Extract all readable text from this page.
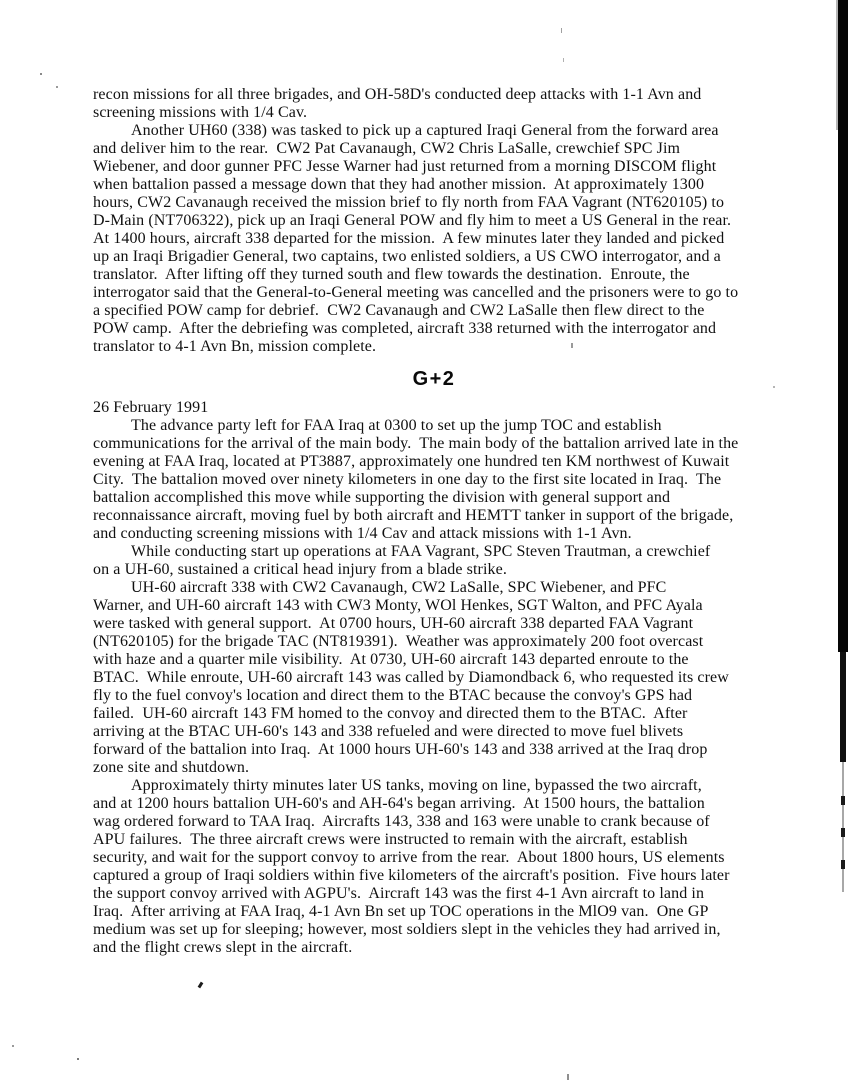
recon missions for all three brigades, and OH-58D's conducted deep attacks with 1-1 Avn and
screening missions with 1/4 Cav.
Another UH60 (338) was tasked to pick up a captured Iraqi General from the forward area
and deliver him to the rear.  CW2 Pat Cavanaugh, CW2 Chris LaSalle, crewchief SPC Jim
Wiebener, and door gunner PFC Jesse Warner had just returned from a morning DISCOM flight
when battalion passed a message down that they had another mission.  At approximately 1300
hours, CW2 Cavanaugh received the mission brief to fly north from FAA Vagrant (NT620105) to
D-Main (NT706322), pick up an Iraqi General POW and fly him to meet a US General in the rear.
At 1400 hours, aircraft 338 departed for the mission.  A few minutes later they landed and picked
up an Iraqi Brigadier General, two captains, two enlisted soldiers, a US CWO interrogator, and a
translator.  After lifting off they turned south and flew towards the destination.  Enroute, the
interrogator said that the General-to-General meeting was cancelled and the prisoners were to go to
a specified POW camp for debrief.  CW2 Cavanaugh and CW2 LaSalle then flew direct to the
POW camp.  After the debriefing was completed, aircraft 338 returned with the interrogator and
translator to 4-1 Avn Bn, mission complete.
G+2
26 February 1991
The advance party left for FAA Iraq at 0300 to set up the jump TOC and establish
communications for the arrival of the main body.  The main body of the battalion arrived late in the
evening at FAA Iraq, located at PT3887, approximately one hundred ten KM northwest of Kuwait
City.  The battalion moved over ninety kilometers in one day to the first site located in Iraq.  The
battalion accomplished this move while supporting the division with general support and
reconnaissance aircraft, moving fuel by both aircraft and HEMTT tanker in support of the brigade,
and conducting screening missions with 1/4 Cav and attack missions with 1-1 Avn.
While conducting start up operations at FAA Vagrant, SPC Steven Trautman, a crewchief
on a UH-60, sustained a critical head injury from a blade strike.
UH-60 aircraft 338 with CW2 Cavanaugh, CW2 LaSalle, SPC Wiebener, and PFC
Warner, and UH-60 aircraft 143 with CW3 Monty, WOl Henkes, SGT Walton, and PFC Ayala
were tasked with general support.  At 0700 hours, UH-60 aircraft 338 departed FAA Vagrant
(NT620105) for the brigade TAC (NT819391).  Weather was approximately 200 foot overcast
with haze and a quarter mile visibility.  At 0730, UH-60 aircraft 143 departed enroute to the
BTAC.  While enroute, UH-60 aircraft 143 was called by Diamondback 6, who requested its crew
fly to the fuel convoy's location and direct them to the BTAC because the convoy's GPS had
failed.  UH-60 aircraft 143 FM homed to the convoy and directed them to the BTAC.  After
arriving at the BTAC UH-60's 143 and 338 refueled and were directed to move fuel blivets
forward of the battalion into Iraq.  At 1000 hours UH-60's 143 and 338 arrived at the Iraq drop
zone site and shutdown.
Approximately thirty minutes later US tanks, moving on line, bypassed the two aircraft,
and at 1200 hours battalion UH-60's and AH-64's began arriving.  At 1500 hours, the battalion
wag ordered forward to TAA Iraq.  Aircrafts 143, 338 and 163 were unable to crank because of
APU failures.  The three aircraft crews were instructed to remain with the aircraft, establish
security, and wait for the support convoy to arrive from the rear.  About 1800 hours, US elements
captured a group of Iraqi soldiers within five kilometers of the aircraft's position.  Five hours later
the support convoy arrived with AGPU's.  Aircraft 143 was the first 4-1 Avn aircraft to land in
Iraq.  After arriving at FAA Iraq, 4-1 Avn Bn set up TOC operations in the MlO9 van.  One GP
medium was set up for sleeping; however, most soldiers slept in the vehicles they had arrived in,
and the flight crews slept in the aircraft.
